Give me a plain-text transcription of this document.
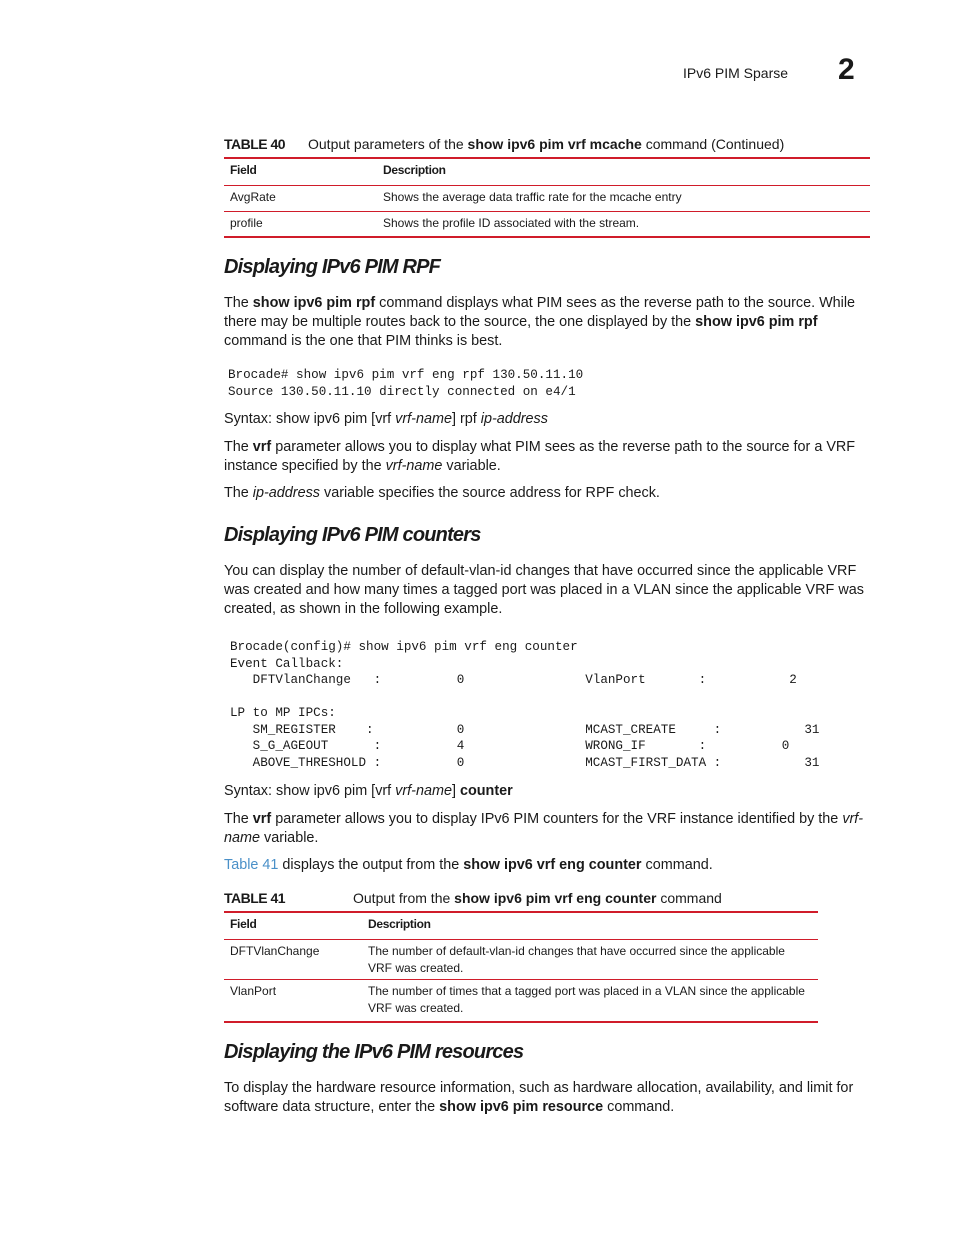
IPv6 PIM Sparse 2
TABLE 40 Output parameters of the show ipv6 pim vrf mcache command (Continued)
Field	Description
AvgRate	Shows the average data traffic rate for the mcache entry
profile	Shows the profile ID associated with the stream.
Displaying IPv6 PIM RPF

The show ipv6 pim rpf command displays what PIM sees as the reverse path to the source. While there may be multiple routes back to the source, the one displayed by the show ipv6 pim rpf command is the one that PIM thinks is best.

Brocade# show ipv6 pim vrf eng rpf 130.50.11.10
Source 130.50.11.10 directly connected on e4/1

Syntax: show ipv6 pim [vrf vrf-name] rpf ip-address

The vrf parameter allows you to display what PIM sees as the reverse path to the source for a VRF instance specified by the vrf-name variable.

The ip-address variable specifies the source address for RPF check.

Displaying IPv6 PIM counters

You can display the number of default-vlan-id changes that have occurred since the applicable VRF was created and how many times a tagged port was placed in a VLAN since the applicable VRF was created, as shown in the following example.

Brocade(config)# show ipv6 pim vrf eng counter
Event Callback:
DFTVlanChange   :          0                VlanPort       :           2

LP to MP IPCs:
SM_REGISTER    :           0                MCAST_CREATE     :           31
S_G_AGEOUT      :          4                WRONG_IF       :          0
ABOVE_THRESHOLD :          0                MCAST_FIRST_DATA :           31

Syntax: show ipv6 pim [vrf vrf-name] counter

The vrf parameter allows you to display IPv6 PIM counters for the VRF instance identified by the vrf-name variable.

Table 41 displays the output from the show ipv6 vrf eng counter command.

TABLE 41	Output from the show ipv6 pim vrf eng counter command
Field	Description
DFTVlanChange	The number of default-vlan-id changes that have occurred since the applicable VRF was created.
VlanPort	The number of times that a tagged port was placed in a VLAN since the applicable VRF was created.
Displaying the IPv6 PIM resources

To display the hardware resource information, such as hardware allocation, availability, and limit for software data structure, enter the show ipv6 pim resource command.
